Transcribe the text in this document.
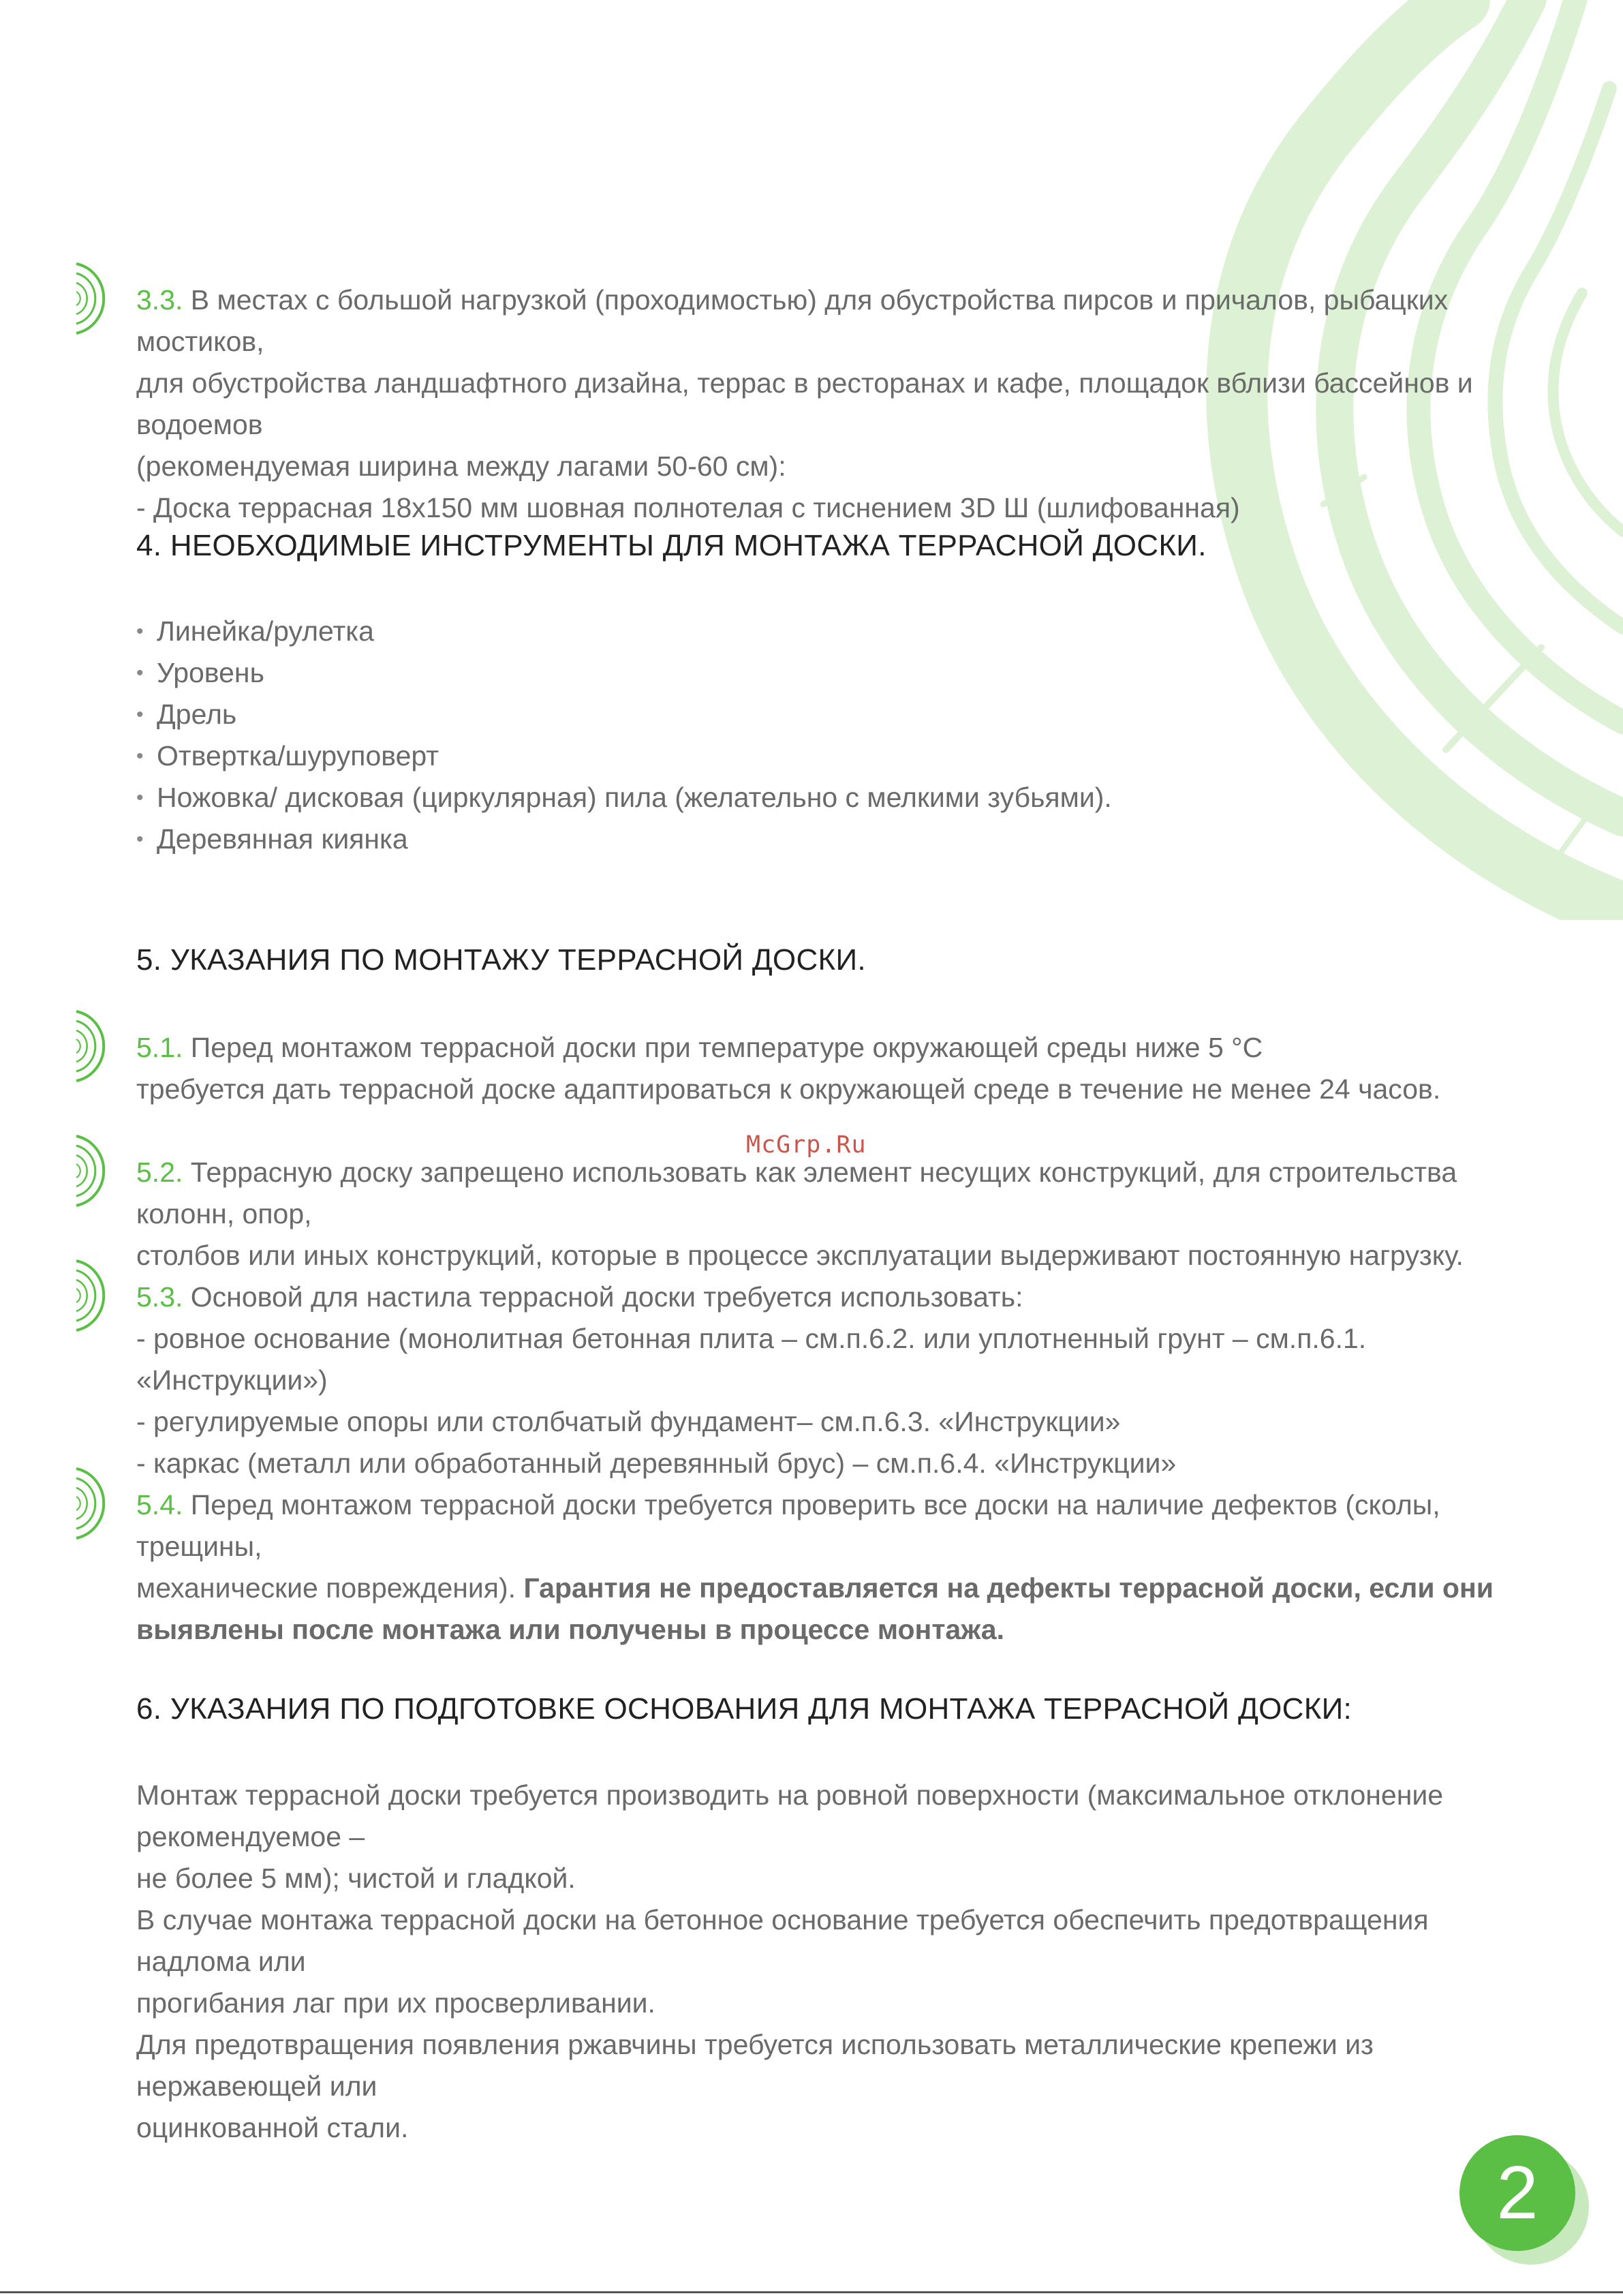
3.3. В местах с большой нагрузкой (проходимостью) для обустройства пирсов и причалов, рыбацких мостиков,
для обустройства ландшафтного дизайна, террас в ресторанах и кафе, площадок вблизи бассейнов и водоемов
(рекомендуемая ширина между лагами 50-60 см):
- Доска террасная 18х150 мм шовная полнотелая с тиснением 3D Ш (шлифованная)
4. НЕОБХОДИМЫЕ ИНСТРУМЕНТЫ ДЛЯ МОНТАЖА ТЕРРАСНОЙ ДОСКИ.
• Линейка/рулетка
• Уровень
• Дрель
• Отвертка/шуруповерт
• Ножовка/ дисковая (циркулярная) пила (желательно с мелкими зубьями).
• Деревянная киянка
5. УКАЗАНИЯ ПО МОНТАЖУ ТЕРРАСНОЙ ДОСКИ.
5.1. Перед монтажом террасной доски при температуре окружающей среды ниже 5 °С
требуется дать террасной доске адаптироваться к окружающей среде в течение не менее 24 часов.
McGrp.Ru
5.2. Террасную доску запрещено использовать как элемент несущих конструкций, для строительства колонн, опор,
столбов или иных конструкций, которые в процессе эксплуатации выдерживают постоянную нагрузку.
5.3. Основой для настила террасной доски требуется использовать:
- ровное основание (монолитная бетонная плита – см.п.6.2. или уплотненный грунт – см.п.6.1. «Инструкции»)
- регулируемые опоры или столбчатый фундамент– см.п.6.3. «Инструкции»
- каркас (металл или обработанный деревянный брус) – см.п.6.4. «Инструкции»
5.4. Перед монтажом террасной доски требуется проверить все доски на наличие дефектов (сколы, трещины,
механические повреждения). Гарантия не предоставляется на дефекты террасной доски, если они
выявлены после монтажа или получены в процессе монтажа.
6. УКАЗАНИЯ ПО ПОДГОТОВКЕ ОСНОВАНИЯ ДЛЯ МОНТАЖА ТЕРРАСНОЙ ДОСКИ:
Монтаж террасной доски требуется производить на ровной поверхности (максимальное отклонение рекомендуемое –
не более 5 мм); чистой и гладкой.
В случае монтажа террасной доски на бетонное основание требуется обеспечить предотвращения надлома или
прогибания лаг при их просверливании.
Для предотвращения появления ржавчины требуется использовать металлические крепежи из нержавеющей или
оцинкованной стали.
2
